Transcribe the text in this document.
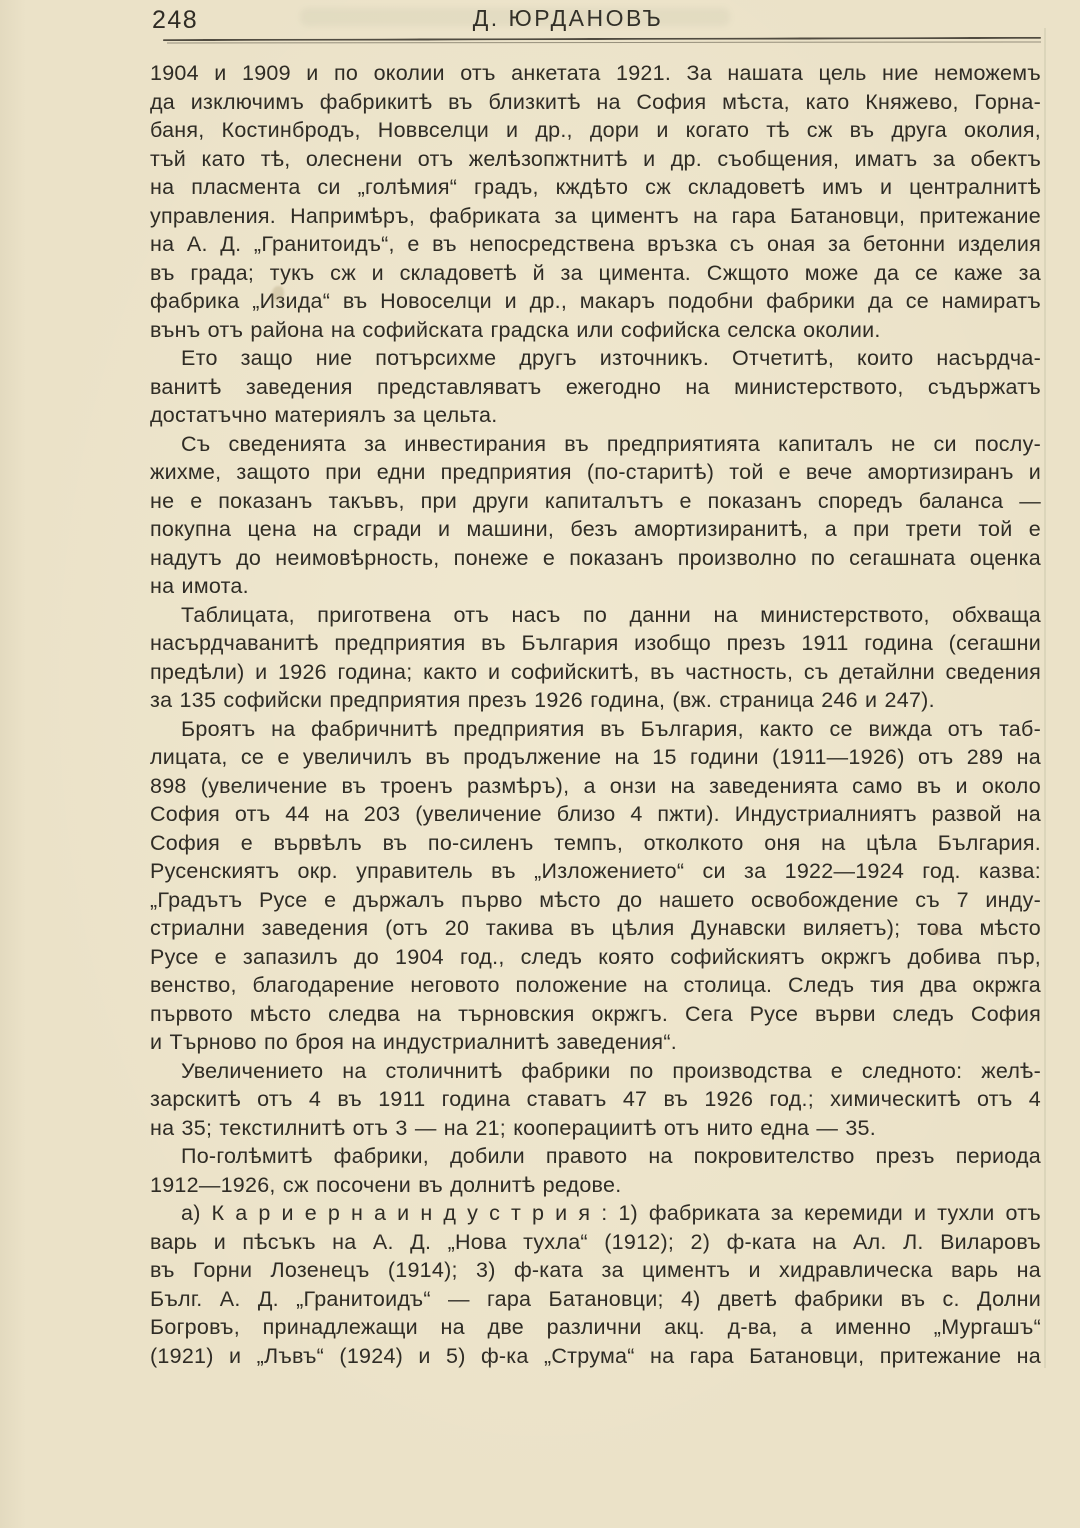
248	Д. ЮРДАНОВЪ
1904 и 1909 и по околии отъ анкетата 1921. За нашата цель ние неможемъ
да изключимъ фабрикитѣ въ близкитѣ на София мѣста, като Княжево, Горна-
баня, Костинбродъ, Новвселци и др., дори и когато тѣ сж въ друга околия,
тъй като тѣ, олеснени отъ желѣзопжтнитѣ и др. съобщения, иматъ за обектъ
на пласмента си „голѣмия“ градъ, кждѣто сж складоветѣ имъ и централнитѣ
управления. Напримѣръ, фабриката за циментъ на гара Батановци, притежание
на А. Д. „Гранитоидъ“, е въ непосредствена връзка съ оная за бетонни изделия
въ града; тукъ сж и складоветѣ й за цимента. Сжщото може да се каже за
фабрика „Изида“ въ Новоселци и др., макаръ подобни фабрики да се намиратъ
вънъ отъ района на софийската градска или софийска селска околии.
Ето защо ние потърсихме другъ източникъ. Отчетитѣ, които насърдча-
ванитѣ заведения представляватъ ежегодно на министерството, съдържатъ
достатъчно материялъ за цельта.
Съ сведенията за инвестирания въ предприятията капиталъ не си послу-
жихме, защото при едни предприятия (по-старитѣ) той е вече амортизиранъ и
не е показанъ такъвъ, при други капиталътъ е показанъ споредъ баланса —
покупна цена на сгради и машини, безъ амортизиранитѣ, а при трети той е
надутъ до неимовѣрность, понеже е показанъ произволно по сегашната оценка
на имота.
Таблицата, приготвена отъ насъ по данни на министерството, обхваща
насърдчаванитѣ предприятия въ България изобщо презъ 1911 година (сегашни
предѣли) и 1926 година; както и софийскитѣ, въ частность, съ детайлни сведения
за 135 софийски предприятия презъ 1926 година, (вж. страница 246 и 247).
Броятъ на фабричнитѣ предприятия въ България, както се вижда отъ таб-
лицата, се е увеличилъ въ продължение на 15 години (1911—1926) отъ 289 на
898 (увеличение въ троенъ размѣръ), а онзи на заведенията само въ и около
София отъ 44 на 203 (увеличение близо 4 пжти). Индустриалниятъ развой на
София е вървѣлъ въ по-силенъ темпъ, отколкото оня на цѣла България.
Русенскиятъ окр. управитель въ „Изложението“ си за 1922—1924 год. казва:
„Градътъ Русе е държалъ първо мѣсто до нашето освобождение съ 7 инду-
стриални заведения (отъ 20 такива въ цѣлия Дунавски виляетъ); това мѣсто
Русе е запазилъ до 1904 год., следъ която софийскиятъ окржгъ добива пър,
венство, благодарение неговото положение на столица. Следъ тия два окржга
първото мѣсто следва на търновския окржгъ. Сега Русе върви следъ София
и Търново по броя на индустриалнитѣ заведения“.
Увеличението на столичнитѣ фабрики по производства е следното: желѣ-
зарскитѣ отъ 4 въ 1911 година ставатъ 47 въ 1926 год.; химическитѣ отъ 4
на 35; текстилнитѣ отъ 3 — на 21; кооперациитѣ отъ нито една — 35.
По-голѣмитѣ фабрики, добили правото на покровителство презъ периода
1912—1926, сж посочени въ долнитѣ редове.
а) К а р и е р н а и н д у с т р и я : 1) фабриката за керемиди и тухли отъ
варь и пѣсъкъ на А. Д. „Нова тухла“ (1912); 2) ф-ката на Ал. Л. Виларовъ
въ Горни Лозенецъ (1914); 3) ф-ката за циментъ и хидравлическа варь на
Бълг. А. Д. „Гранитоидъ“ — гара Батановци; 4) дветѣ фабрики въ с. Долни
Богровъ, принадлежащи на две различни акц. д-ва, а именно „Мургашъ“
(1921) и „Лъвъ“ (1924) и 5) ф-ка „Струма“ на гара Батановци, притежание на
